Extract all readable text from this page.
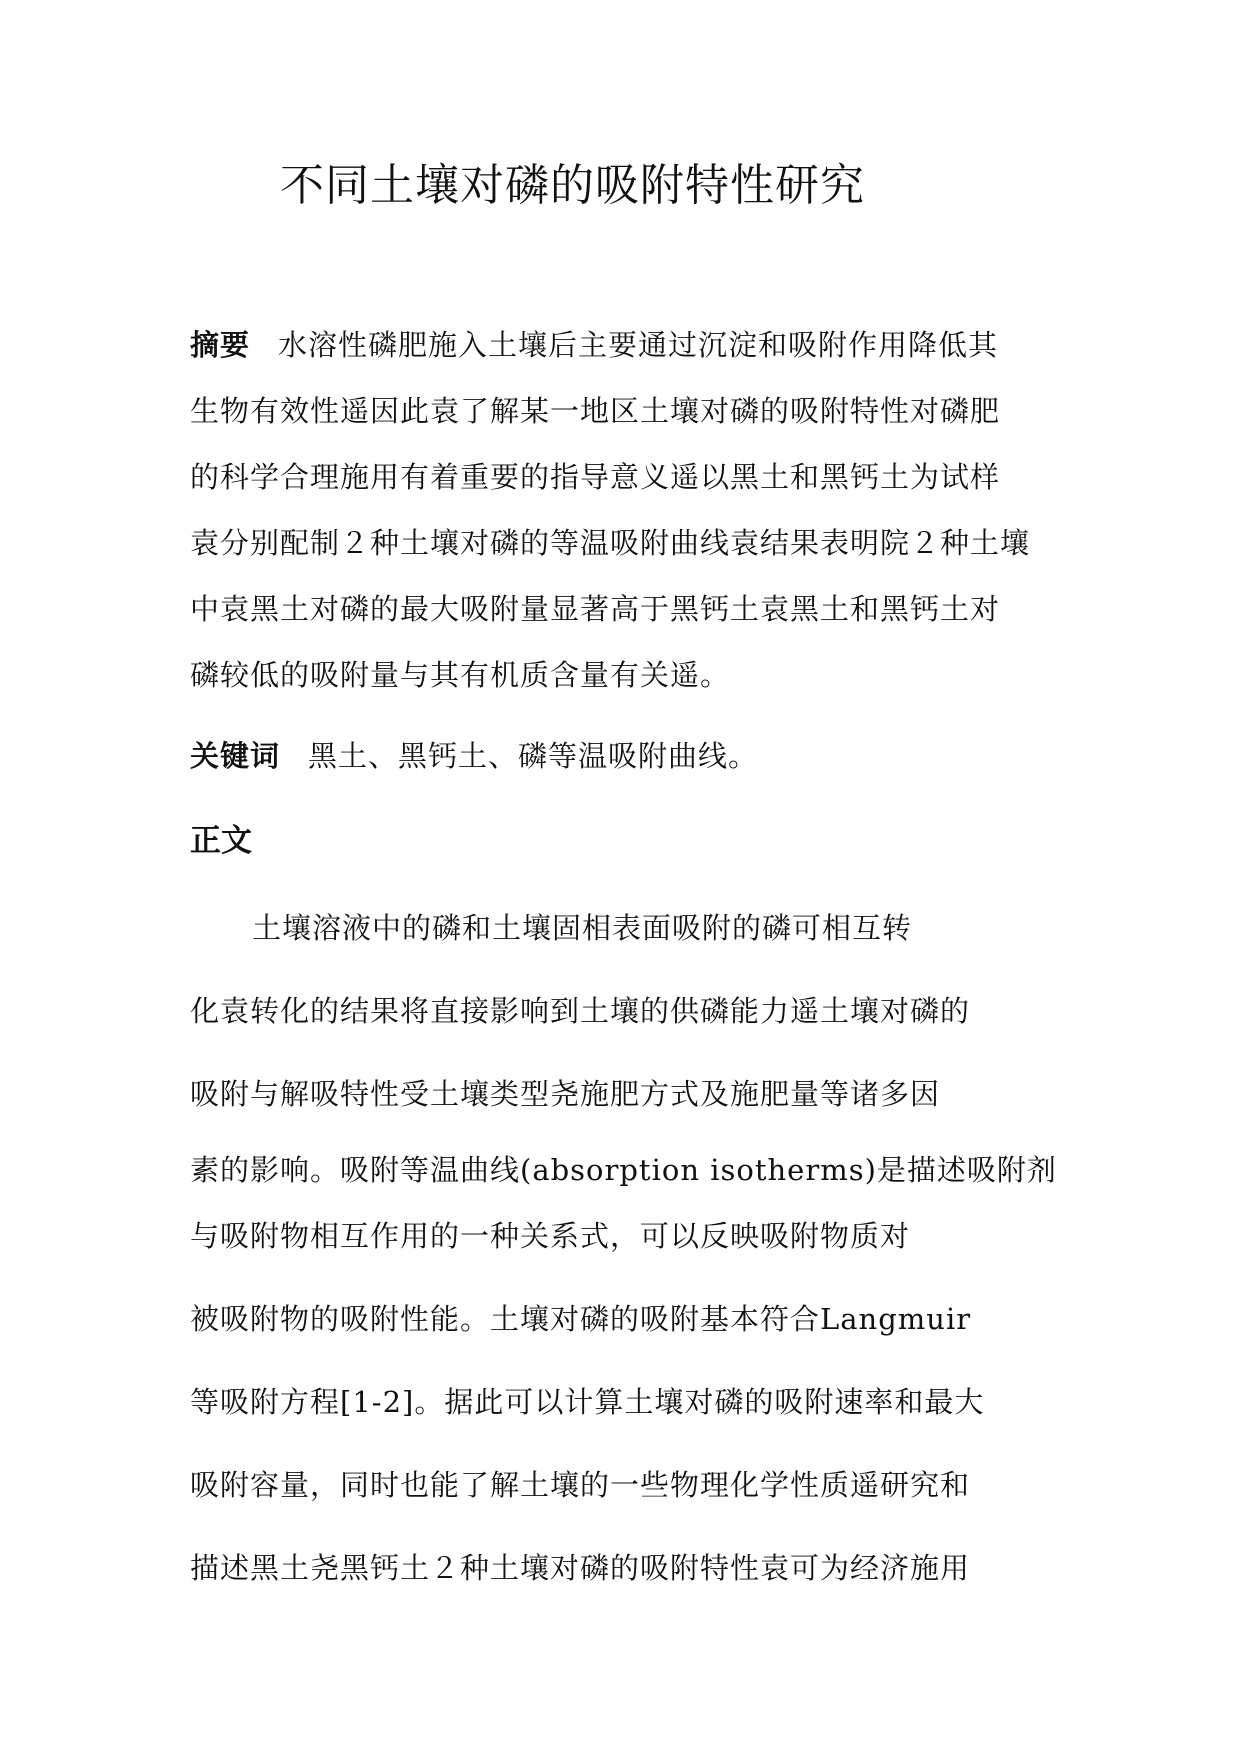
不同土壤对磷的吸附特性研究
摘要 水溶性磷肥施入土壤后主要通过沉淀和吸附作用降低其
生物有效性遥因此袁了解某一地区土壤对磷的吸附特性对磷肥
的科学合理施用有着重要的指导意义遥以黑土和黑钙土为试样
袁分别配制２种土壤对磷的等温吸附曲线袁结果表明院２种土壤
中袁黑土对磷的最大吸附量显著高于黑钙土袁黑土和黑钙土对
磷较低的吸附量与其有机质含量有关遥。
关键词 黑土、黑钙土、磷等温吸附曲线。
正文
土壤溶液中的磷和土壤固相表面吸附的磷可相互转
化袁转化的结果将直接影响到土壤的供磷能力遥土壤对磷的
吸附与解吸特性受土壤类型尧施肥方式及施肥量等诸多因
素的影响。吸附等温曲线(absorption isotherms)是描述吸附剂
与吸附物相互作用的一种关系式，可以反映吸附物质对
被吸附物的吸附性能。土壤对磷的吸附基本符合Langmuir
等吸附方程[1-2]。据此可以计算土壤对磷的吸附速率和最大
吸附容量，同时也能了解土壤的一些物理化学性质遥研究和
描述黑土尧黑钙土２种土壤对磷的吸附特性袁可为经济施用
